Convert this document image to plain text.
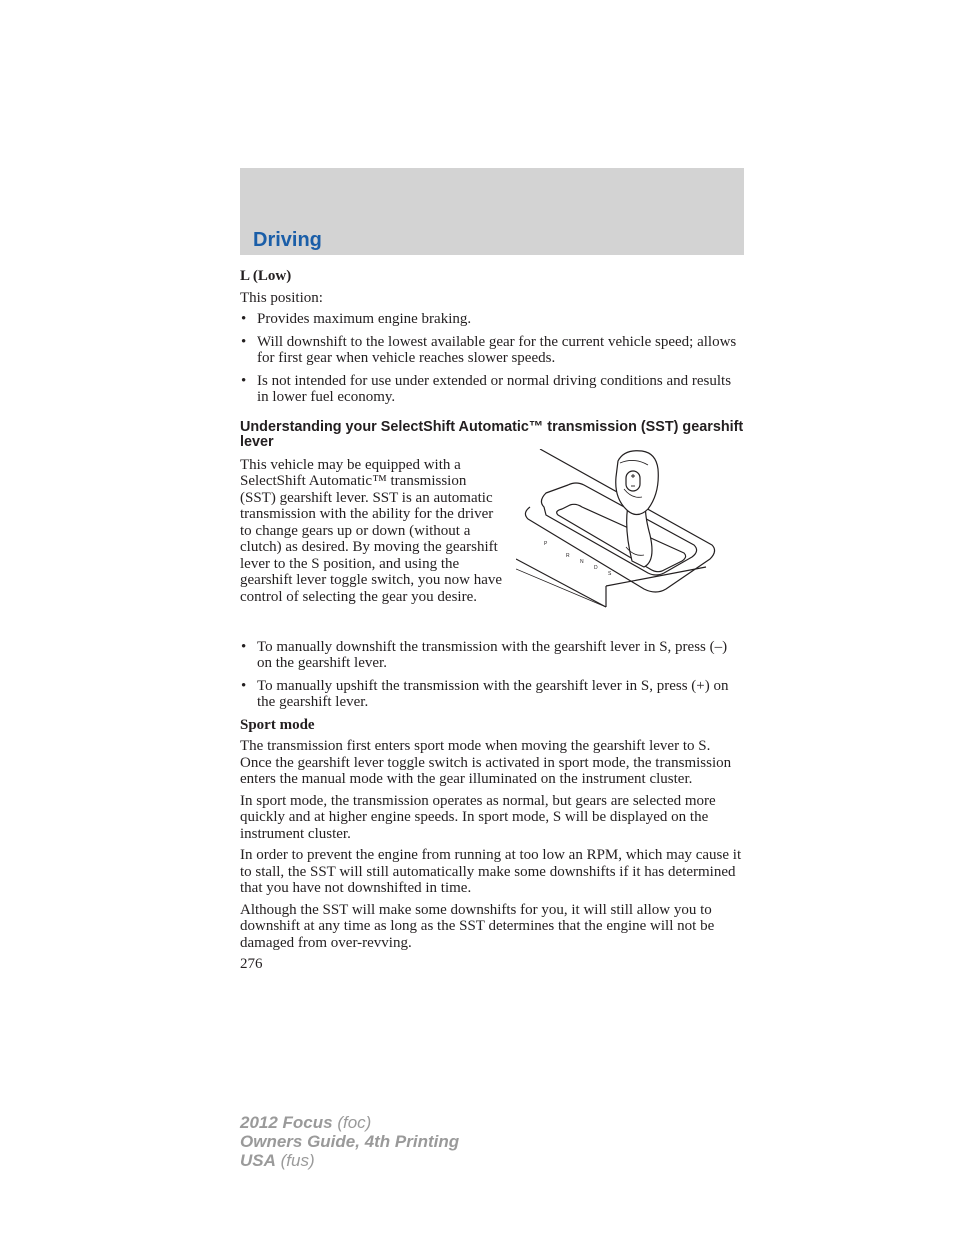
Driving
L (Low)

This position:

• Provides maximum engine braking.
• Will downshift to the lowest available gear for the current vehicle speed; allows for first gear when vehicle reaches slower speeds.
• Is not intended for use under extended or normal driving conditions and results in lower fuel economy.
Understanding your SelectShift Automatic™ transmission (SST) gearshift lever
This vehicle may be equipped with a SelectShift Automatic™ transmission (SST) gearshift lever. SST is an automatic transmission with the ability for the driver to change gears up or down (without a clutch) as desired. By moving the gearshift lever to the S position, and using the gearshift lever toggle switch, you now have control of selecting the gear you desire.
P
R
N
D
S
• To manually downshift the transmission with the gearshift lever in S, press (–) on the gearshift lever.
• To manually upshift the transmission with the gearshift lever in S, press (+) on the gearshift lever.
Sport mode

The transmission first enters sport mode when moving the gearshift lever to S. Once the gearshift lever toggle switch is activated in sport mode, the transmission enters the manual mode with the gear illuminated on the instrument cluster.

In sport mode, the transmission operates as normal, but gears are selected more quickly and at higher engine speeds. In sport mode, S will be displayed on the instrument cluster.

In order to prevent the engine from running at too low an RPM, which may cause it to stall, the SST will still automatically make some downshifts if it has determined that you have not downshifted in time.

Although the SST will make some downshifts for you, it will still allow you to downshift at any time as long as the SST determines that the engine will not be damaged from over-revving.

276
2012 Focus (foc)
Owners Guide, 4th Printing
USA (fus)
